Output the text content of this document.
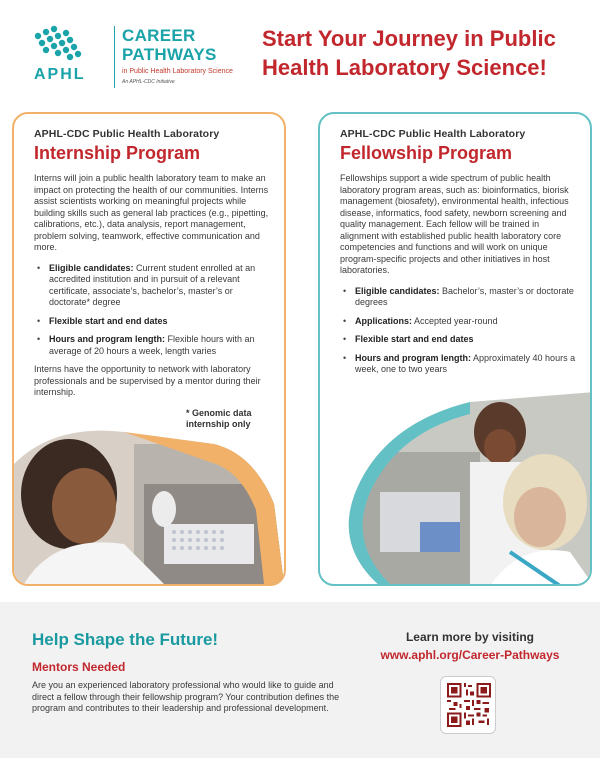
APHL
CAREER
PATHWAYS
in Public Health Laboratory Science
An APHL-CDC Initiative
Start Your Journey in Public Health Laboratory Science!
APHL-CDC Public Health Laboratory
Internship Program
Interns will join a public health laboratory team to make an impact on protecting the health of our communities. Interns assist scientists working on meaningful projects while building skills such as general lab practices (e.g., pipetting, calibrations, etc.), data analysis, report management, problem solving, teamwork, effective communication and more.
• Eligible candidates: Current student enrolled at an accredited institution and in pursuit of a relevant certificate, associate’s, bachelor’s, master’s or doctorate* degree
• Flexible start and end dates
• Hours and program length: Flexible hours with an average of 20 hours a week, length varies
Interns have the opportunity to network with laboratory professionals and be supervised by a mentor during their internship.
* Genomic data internship only
APHL-CDC Public Health Laboratory
Fellowship Program
Fellowships support a wide spectrum of public health laboratory program areas, such as: bioinformatics, biorisk management (biosafety), environmental health, infectious disease, informatics, food safety, newborn screening and quality management. Each fellow will be trained in alignment with established public health laboratory core competencies and functions and will work on unique program-specific projects and other initiatives in host laboratories.
• Eligible candidates: Bachelor’s, master’s or doctorate degrees
• Applications: Accepted year-round
• Flexible start and end dates
• Hours and program length: Approximately 40 hours a week, one to two years
Help Shape the Future!
Mentors Needed
Are you an experienced laboratory professional who would like to guide and direct a fellow through their fellowship program? Your contribution defines the program and contributes to their leadership and professional development.
Learn more by visiting
www.aphl.org/Career-Pathways
